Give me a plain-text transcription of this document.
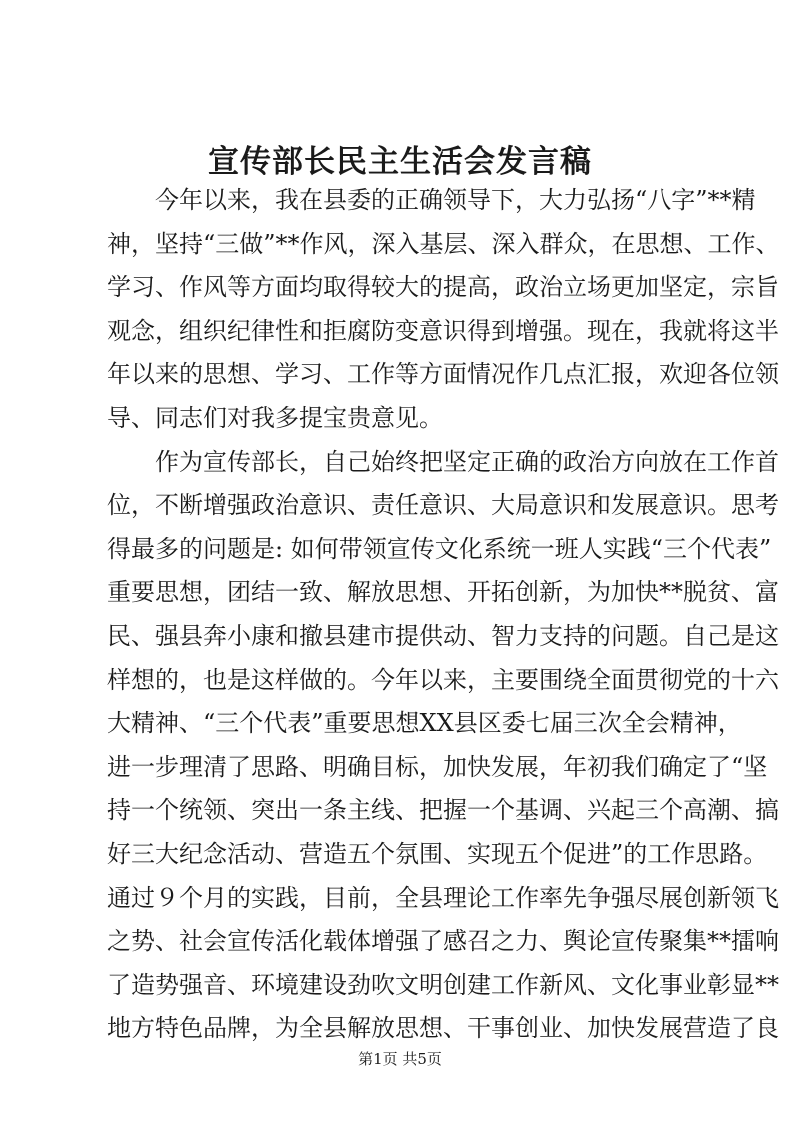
宣传部长民主生活会发言稿
今年以来，我在县委的正确领导下，大力弘扬“八字”**精
神，坚持“三做”**作风，深入基层、深入群众，在思想、工作、
学习、作风等方面均取得较大的提高，政治立场更加坚定，宗旨
观念，组织纪律性和拒腐防变意识得到增强。现在，我就将这半
年以来的思想、学习、工作等方面情况作几点汇报，欢迎各位领
导、同志们对我多提宝贵意见。
作为宣传部长，自己始终把坚定正确的政治方向放在工作首
位，不断增强政治意识、责任意识、大局意识和发展意识。思考
得最多的问题是: 如何带领宣传文化系统一班人实践“三个代表”
重要思想，团结一致、解放思想、开拓创新，为加快**脱贫、富
民、强县奔小康和撤县建市提供动、智力支持的问题。自己是这
样想的，也是这样做的。今年以来，主要围绕全面贯彻党的十六
大精神、“三个代表”重要思想XX县区委七届三次全会精神，
进一步理清了思路、明确目标，加快发展，年初我们确定了“坚
持一个统领、突出一条主线、把握一个基调、兴起三个高潮、搞
好三大纪念活动、营造五个氛围、实现五个促进”的工作思路。
通过９个月的实践，目前，全县理论工作率先争强尽展创新领飞
之势、社会宣传活化载体增强了感召之力、舆论宣传聚集**擂响
了造势强音、环境建设劲吹文明创建工作新风、文化事业彰显**
地方特色品牌，为全县解放思想、干事创业、加快发展营造了良
第1页 共5页
